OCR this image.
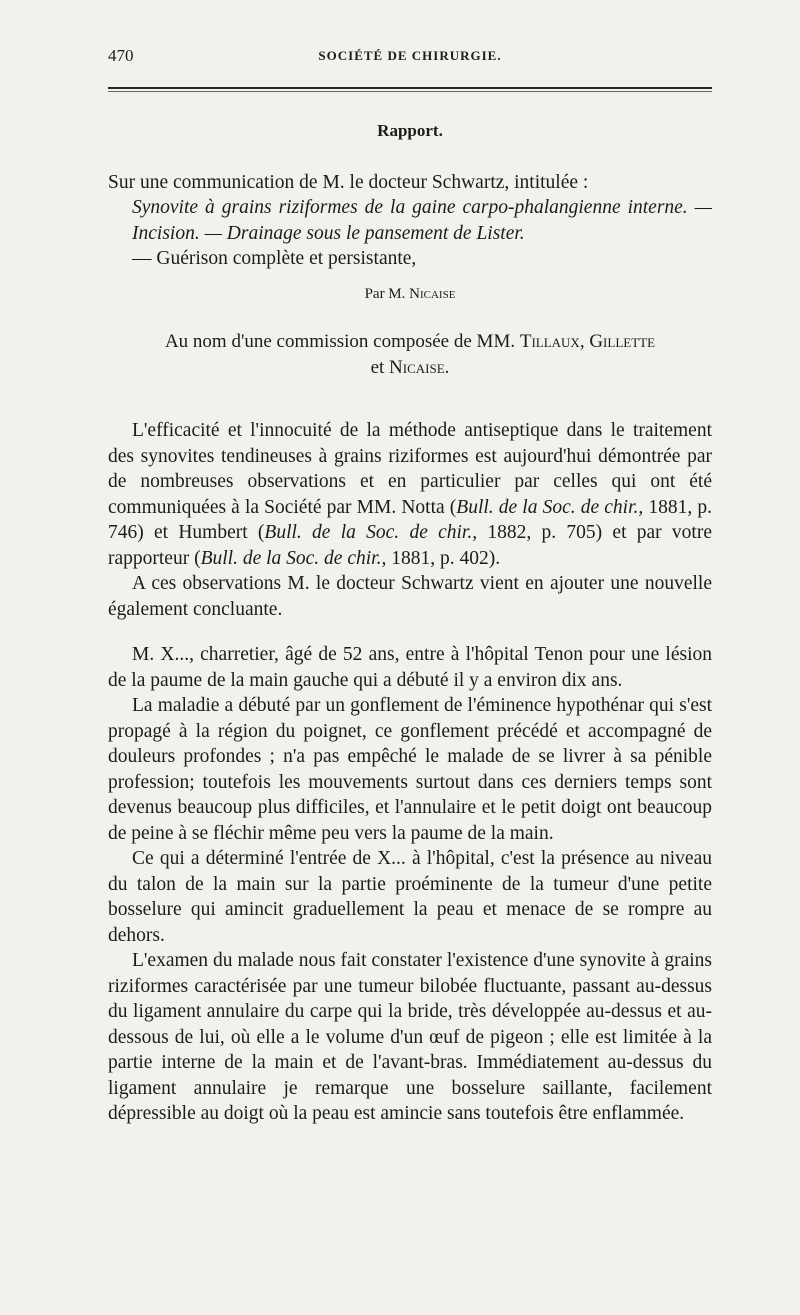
470	SOCIÉTÉ DE CHIRURGIE.
Rapport.
Sur une communication de M. le docteur Schwartz, intitulée :
Synovite à grains riziformes de la gaine carpo-phalangienne interne. — Incision. — Drainage sous le pansement de Lister.
— Guérison complète et persistante,
Par M. Nicaise
Au nom d'une commission composée de MM. Tillaux, Gillette
et Nicaise.

L'efficacité et l'innocuité de la méthode antiseptique dans le traitement des synovites tendineuses à grains riziformes est aujourd'hui démontrée par de nombreuses observations et en particulier par celles qui ont été communiquées à la Société par MM. Notta (Bull. de la Soc. de chir., 1881, p. 746) et Humbert (Bull. de la Soc. de chir., 1882, p. 705) et par votre rapporteur (Bull. de la Soc. de chir., 1881, p. 402).

A ces observations M. le docteur Schwartz vient en ajouter une nouvelle également concluante.

M. X..., charretier, âgé de 52 ans, entre à l'hôpital Tenon pour une lésion de la paume de la main gauche qui a débuté il y a environ dix ans.

La maladie a débuté par un gonflement de l'éminence hypothénar qui s'est propagé à la région du poignet, ce gonflement précédé et accompagné de douleurs profondes ; n'a pas empêché le malade de se livrer à sa pénible profession; toutefois les mouvements surtout dans ces derniers temps sont devenus beaucoup plus difficiles, et l'annulaire et le petit doigt ont beaucoup de peine à se fléchir même peu vers la paume de la main.

Ce qui a déterminé l'entrée de X... à l'hôpital, c'est la présence au niveau du talon de la main sur la partie proéminente de la tumeur d'une petite bosselure qui amincit graduellement la peau et menace de se rompre au dehors.

L'examen du malade nous fait constater l'existence d'une synovite à grains riziformes caractérisée par une tumeur bilobée fluctuante, passant au-dessus du ligament annulaire du carpe qui la bride, très développée au-dessus et au-dessous de lui, où elle a le volume d'un œuf de pigeon ; elle est limitée à la partie interne de la main et de l'avant-bras. Immédiatement au-dessus du ligament annulaire je remarque une bosselure saillante, facilement dépressible au doigt où la peau est amincie sans toutefois être enflammée.
